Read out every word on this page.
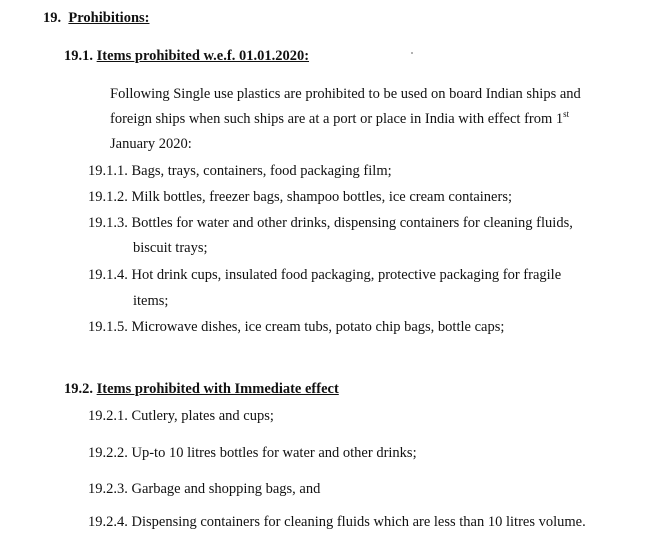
19. Prohibitions:
19.1. Items prohibited w.e.f. 01.01.2020:
Following Single use plastics are prohibited to be used on board Indian ships and
foreign ships when such ships are at a port or place in India with effect from 1st
January 2020:
19.1.1. Bags, trays, containers, food packaging film;
19.1.2. Milk bottles, freezer bags, shampoo bottles, ice cream containers;
19.1.3. Bottles for water and other drinks, dispensing containers for cleaning fluids,
biscuit trays;
19.1.4. Hot drink cups, insulated food packaging, protective packaging for fragile
items;
19.1.5. Microwave dishes, ice cream tubs, potato chip bags, bottle caps;
19.2. Items prohibited with Immediate effect
19.2.1. Cutlery, plates and cups;
19.2.2. Up-to 10 litres bottles for water and other drinks;
19.2.3. Garbage and shopping bags, and
19.2.4. Dispensing containers for cleaning fluids which are less than 10 litres volume.
